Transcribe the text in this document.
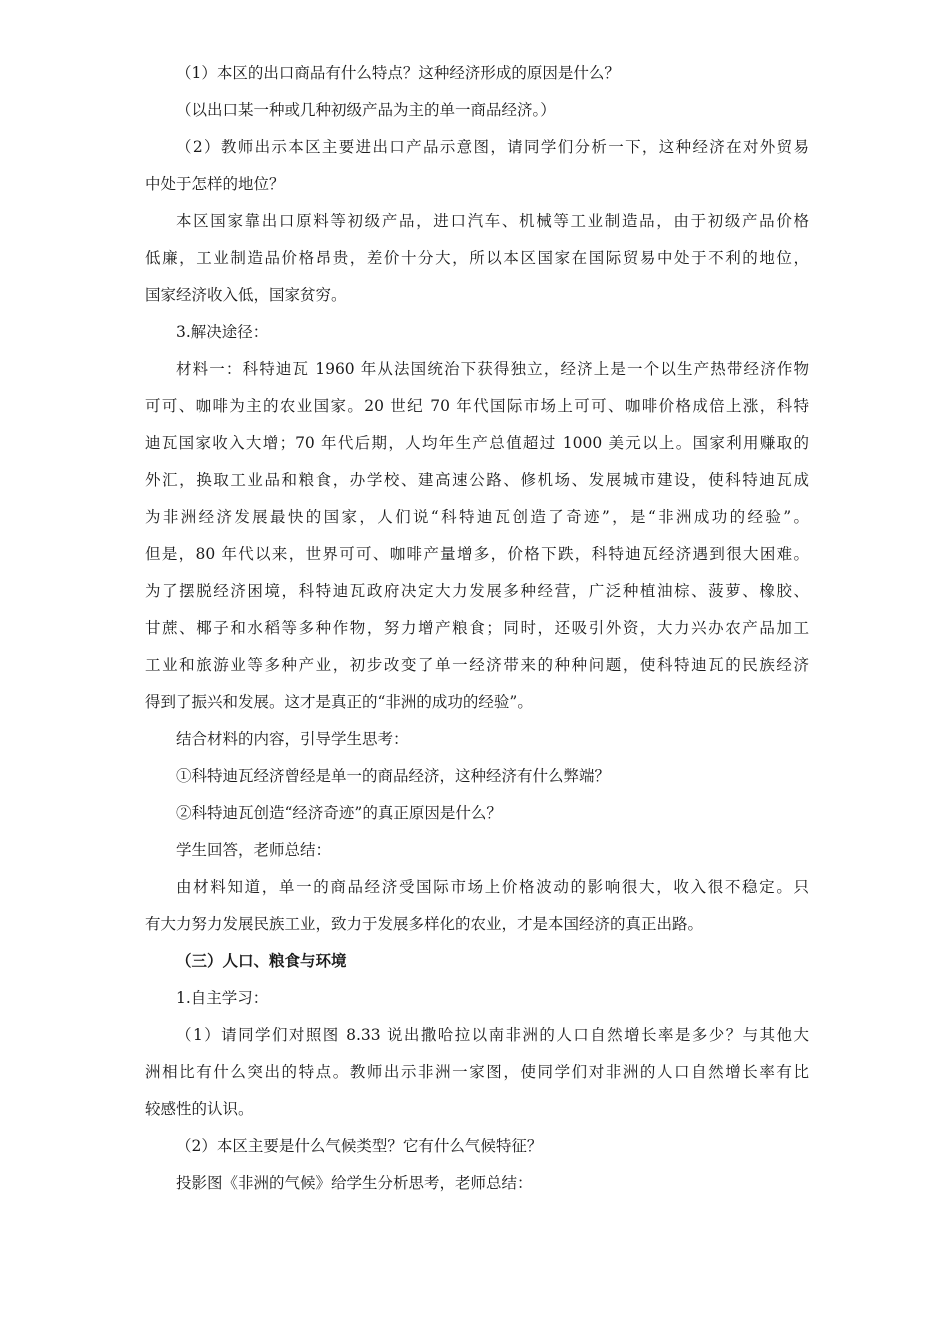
（1）本区的出口商品有什么特点？这种经济形成的原因是什么？
（以出口某一种或几种初级产品为主的单一商品经济。）
（2）教师出示本区主要进出口产品示意图，请同学们分析一下，这种经济在对外贸易
中处于怎样的地位？
本区国家靠出口原料等初级产品，进口汽车、机械等工业制造品，由于初级产品价格
低廉，工业制造品价格昂贵，差价十分大，所以本区国家在国际贸易中处于不利的地位，
国家经济收入低，国家贫穷。
3.解决途径：
材料一：科特迪瓦 1960 年从法国统治下获得独立，经济上是一个以生产热带经济作物
可可、咖啡为主的农业国家。20 世纪 70 年代国际市场上可可、咖啡价格成倍上涨，科特
迪瓦国家收入大增；70 年代后期，人均年生产总值超过 1000 美元以上。国家利用赚取的
外汇，换取工业品和粮食，办学校、建高速公路、修机场、发展城市建设，使科特迪瓦成
为非洲经济发展最快的国家，人们说“科特迪瓦创造了奇迹”，是“非洲成功的经验”。
但是，80 年代以来，世界可可、咖啡产量增多，价格下跌，科特迪瓦经济遇到很大困难。
为了摆脱经济困境，科特迪瓦政府决定大力发展多种经营，广泛种植油棕、菠萝、橡胶、
甘蔗、椰子和水稻等多种作物，努力增产粮食；同时，还吸引外资，大力兴办农产品加工
工业和旅游业等多种产业，初步改变了单一经济带来的种种问题，使科特迪瓦的民族经济
得到了振兴和发展。这才是真正的“非洲的成功的经验”。
结合材料的内容，引导学生思考：
①科特迪瓦经济曾经是单一的商品经济，这种经济有什么弊端？
②科特迪瓦创造“经济奇迹”的真正原因是什么？
学生回答，老师总结：
由材料知道，单一的商品经济受国际市场上价格波动的影响很大，收入很不稳定。只
有大力努力发展民族工业，致力于发展多样化的农业，才是本国经济的真正出路。
（三）人口、粮食与环境
1.自主学习：
（1）请同学们对照图 8.33 说出撒哈拉以南非洲的人口自然增长率是多少？与其他大
洲相比有什么突出的特点。教师出示非洲一家图，使同学们对非洲的人口自然增长率有比
较感性的认识。
（2）本区主要是什么气候类型？它有什么气候特征？
投影图《非洲的气候》给学生分析思考，老师总结：
